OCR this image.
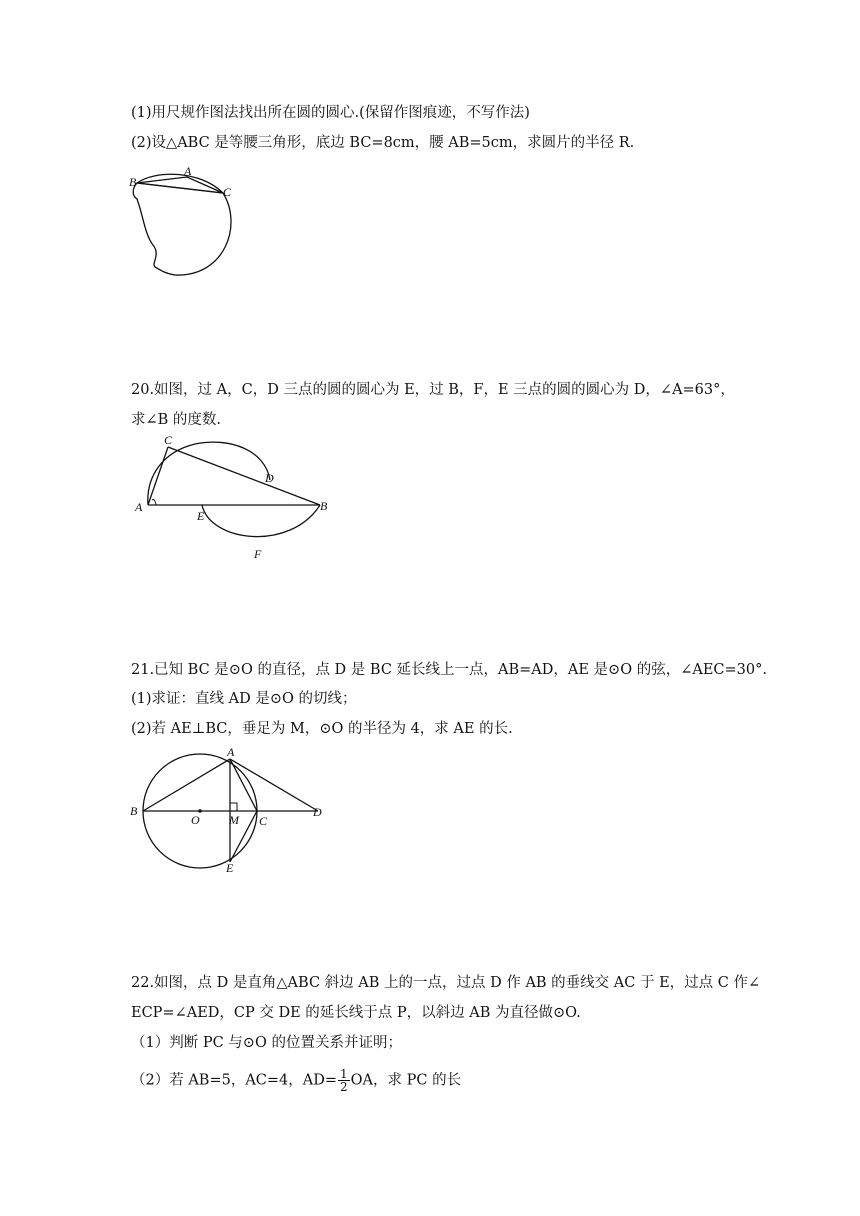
(1)用尺规作图法找出所在圆的圆心.(保留作图痕迹，不写作法)
(2)设△ABC 是等腰三角形，底边 BC=8cm，腰 AB=5cm，求圆片的半径 R.
A
B
C
20.如图，过 A，C，D 三点的圆的圆心为 E，过 B，F，E 三点的圆的圆心为 D，∠A=63°，
求∠B 的度数.
A	B
C
D
E
F
21.已知 BC 是⊙O 的直径，点 D 是 BC 延长线上一点，AB=AD，AE 是⊙O 的弦，∠AEC=30°.
(1)求证：直线 AD 是⊙O 的切线；
(2)若 AE⊥BC，垂足为 M，⊙O 的半径为 4，求 AE 的长.
A
B
C
D
E
M
O
22.如图，点 D 是直角△ABC 斜边 AB 上的一点，过点 D 作 AB 的垂线交 AC 于 E，过点 C 作∠
ECP=∠AED，CP 交 DE 的延长线于点 P，以斜边 AB 为直径做⊙O.
（1）判断 PC 与⊙O 的位置关系并证明；
（2）若 AB=5，AC=4，$AD= \frac{1}{2}$ OA，求 PC 的长
